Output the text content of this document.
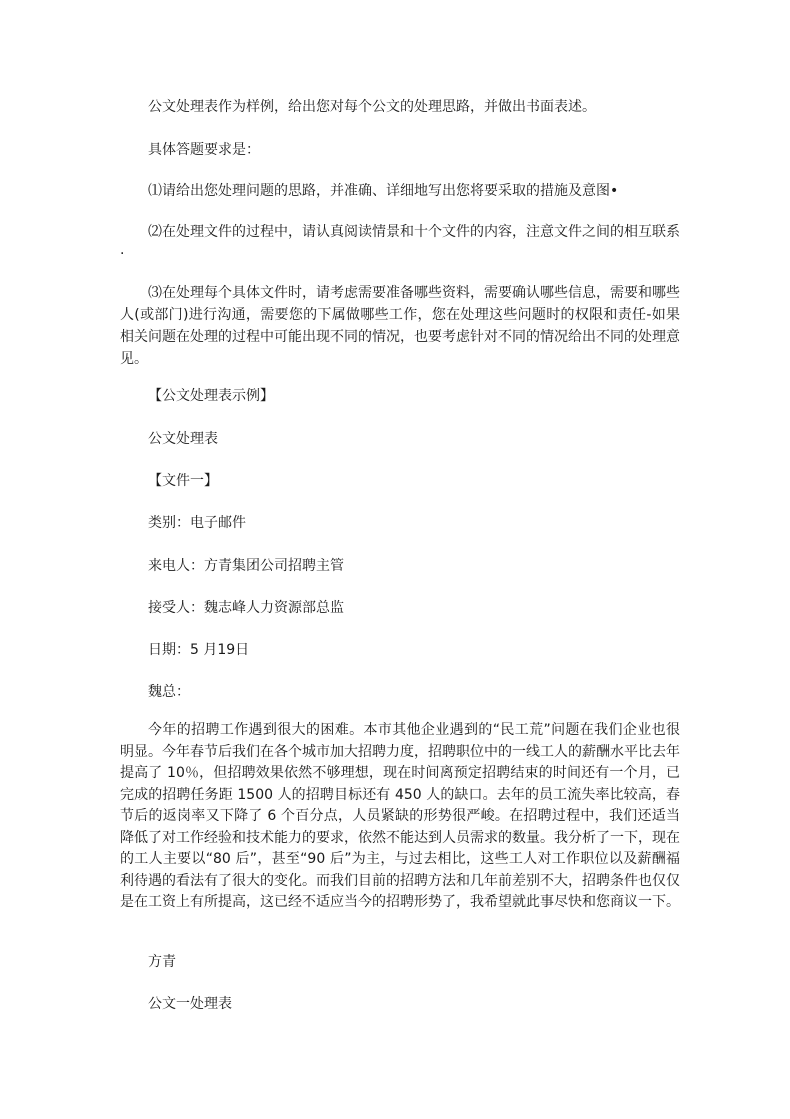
公文处理表作为样例，给出您对每个公文的处理思路，并做出书面表述。

具体答题要求是：

⑴请给出您处理问题的思路，并准确、详细地写出您将要采取的措施及意图•

⑵在处理文件的过程中，请认真阅读情景和十个文件的内容，注意文件之间的相互联系·

⑶在处理每个具体文件时，请考虑需要准备哪些资料，需要确认哪些信息，需要和哪些人(或部门)进行沟通，需要您的下属做哪些工作，您在处理这些问题时的权限和责任-如果相关问题在处理的过程中可能出现不同的情况，也要考虑针对不同的情况给出不同的处理意见。

【公文处理表示例】

公文处理表

【文件一】

类别：电子邮件

来电人：方青集团公司招聘主管

接受人：魏志峰人力资源部总监

日期：5 月19日

魏总：

今年的招聘工作遇到很大的困难。本市其他企业遇到的“民工荒”问题在我们企业也很明显。今年春节后我们在各个城市加大招聘力度，招聘职位中的一线工人的薪酬水平比去年提高了 10％，但招聘效果依然不够理想，现在时间离预定招聘结束的时间还有一个月，已完成的招聘任务距 1500 人的招聘目标还有 450 人的缺口。去年的员工流失率比较高，春节后的返岗率又下降了 6 个百分点，人员紧缺的形势很严峻。在招聘过程中，我们还适当降低了对工作经验和技术能力的要求，依然不能达到人员需求的数量。我分析了一下，现在的工人主要以“80 后”，甚至“90 后”为主，与过去相比，这些工人对工作职位以及薪酬福利待遇的看法有了很大的变化。而我们目前的招聘方法和几年前差别不大，招聘条件也仅仅是在工资上有所提高，这已经不适应当今的招聘形势了，我希望就此事尽快和您商议一下。

方青

公文一处理表
